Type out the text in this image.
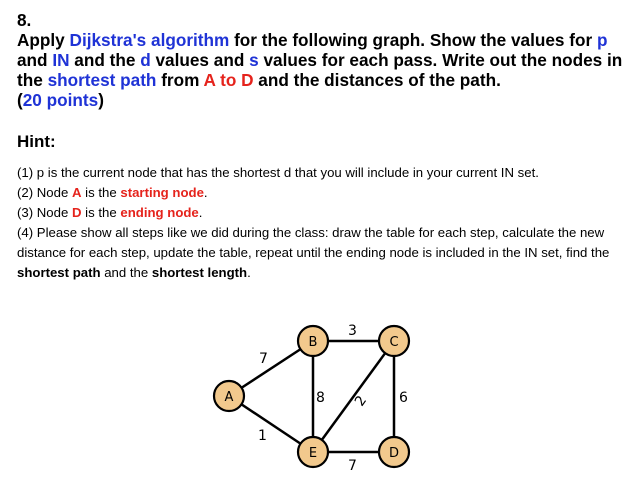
8.
Apply Dijkstra's algorithm for the following graph. Show the values for p and IN and the d values and s values for each pass. Write out the nodes in the shortest path from A to D and the distances of the path.
(20 points)
Hint:

(1) p is the current node that has the shortest d that you will include in your current IN set.

(2) Node A is the starting node.

(3) Node D is the ending node.

(4) Please show all steps like we did during the class: draw the table for each step, calculate the new distance for each step, update the table, repeat until the ending node is included in the IN set, find the shortest path and the shortest length.

7
1
3
8 2 6
7
A
B	C
E	D
